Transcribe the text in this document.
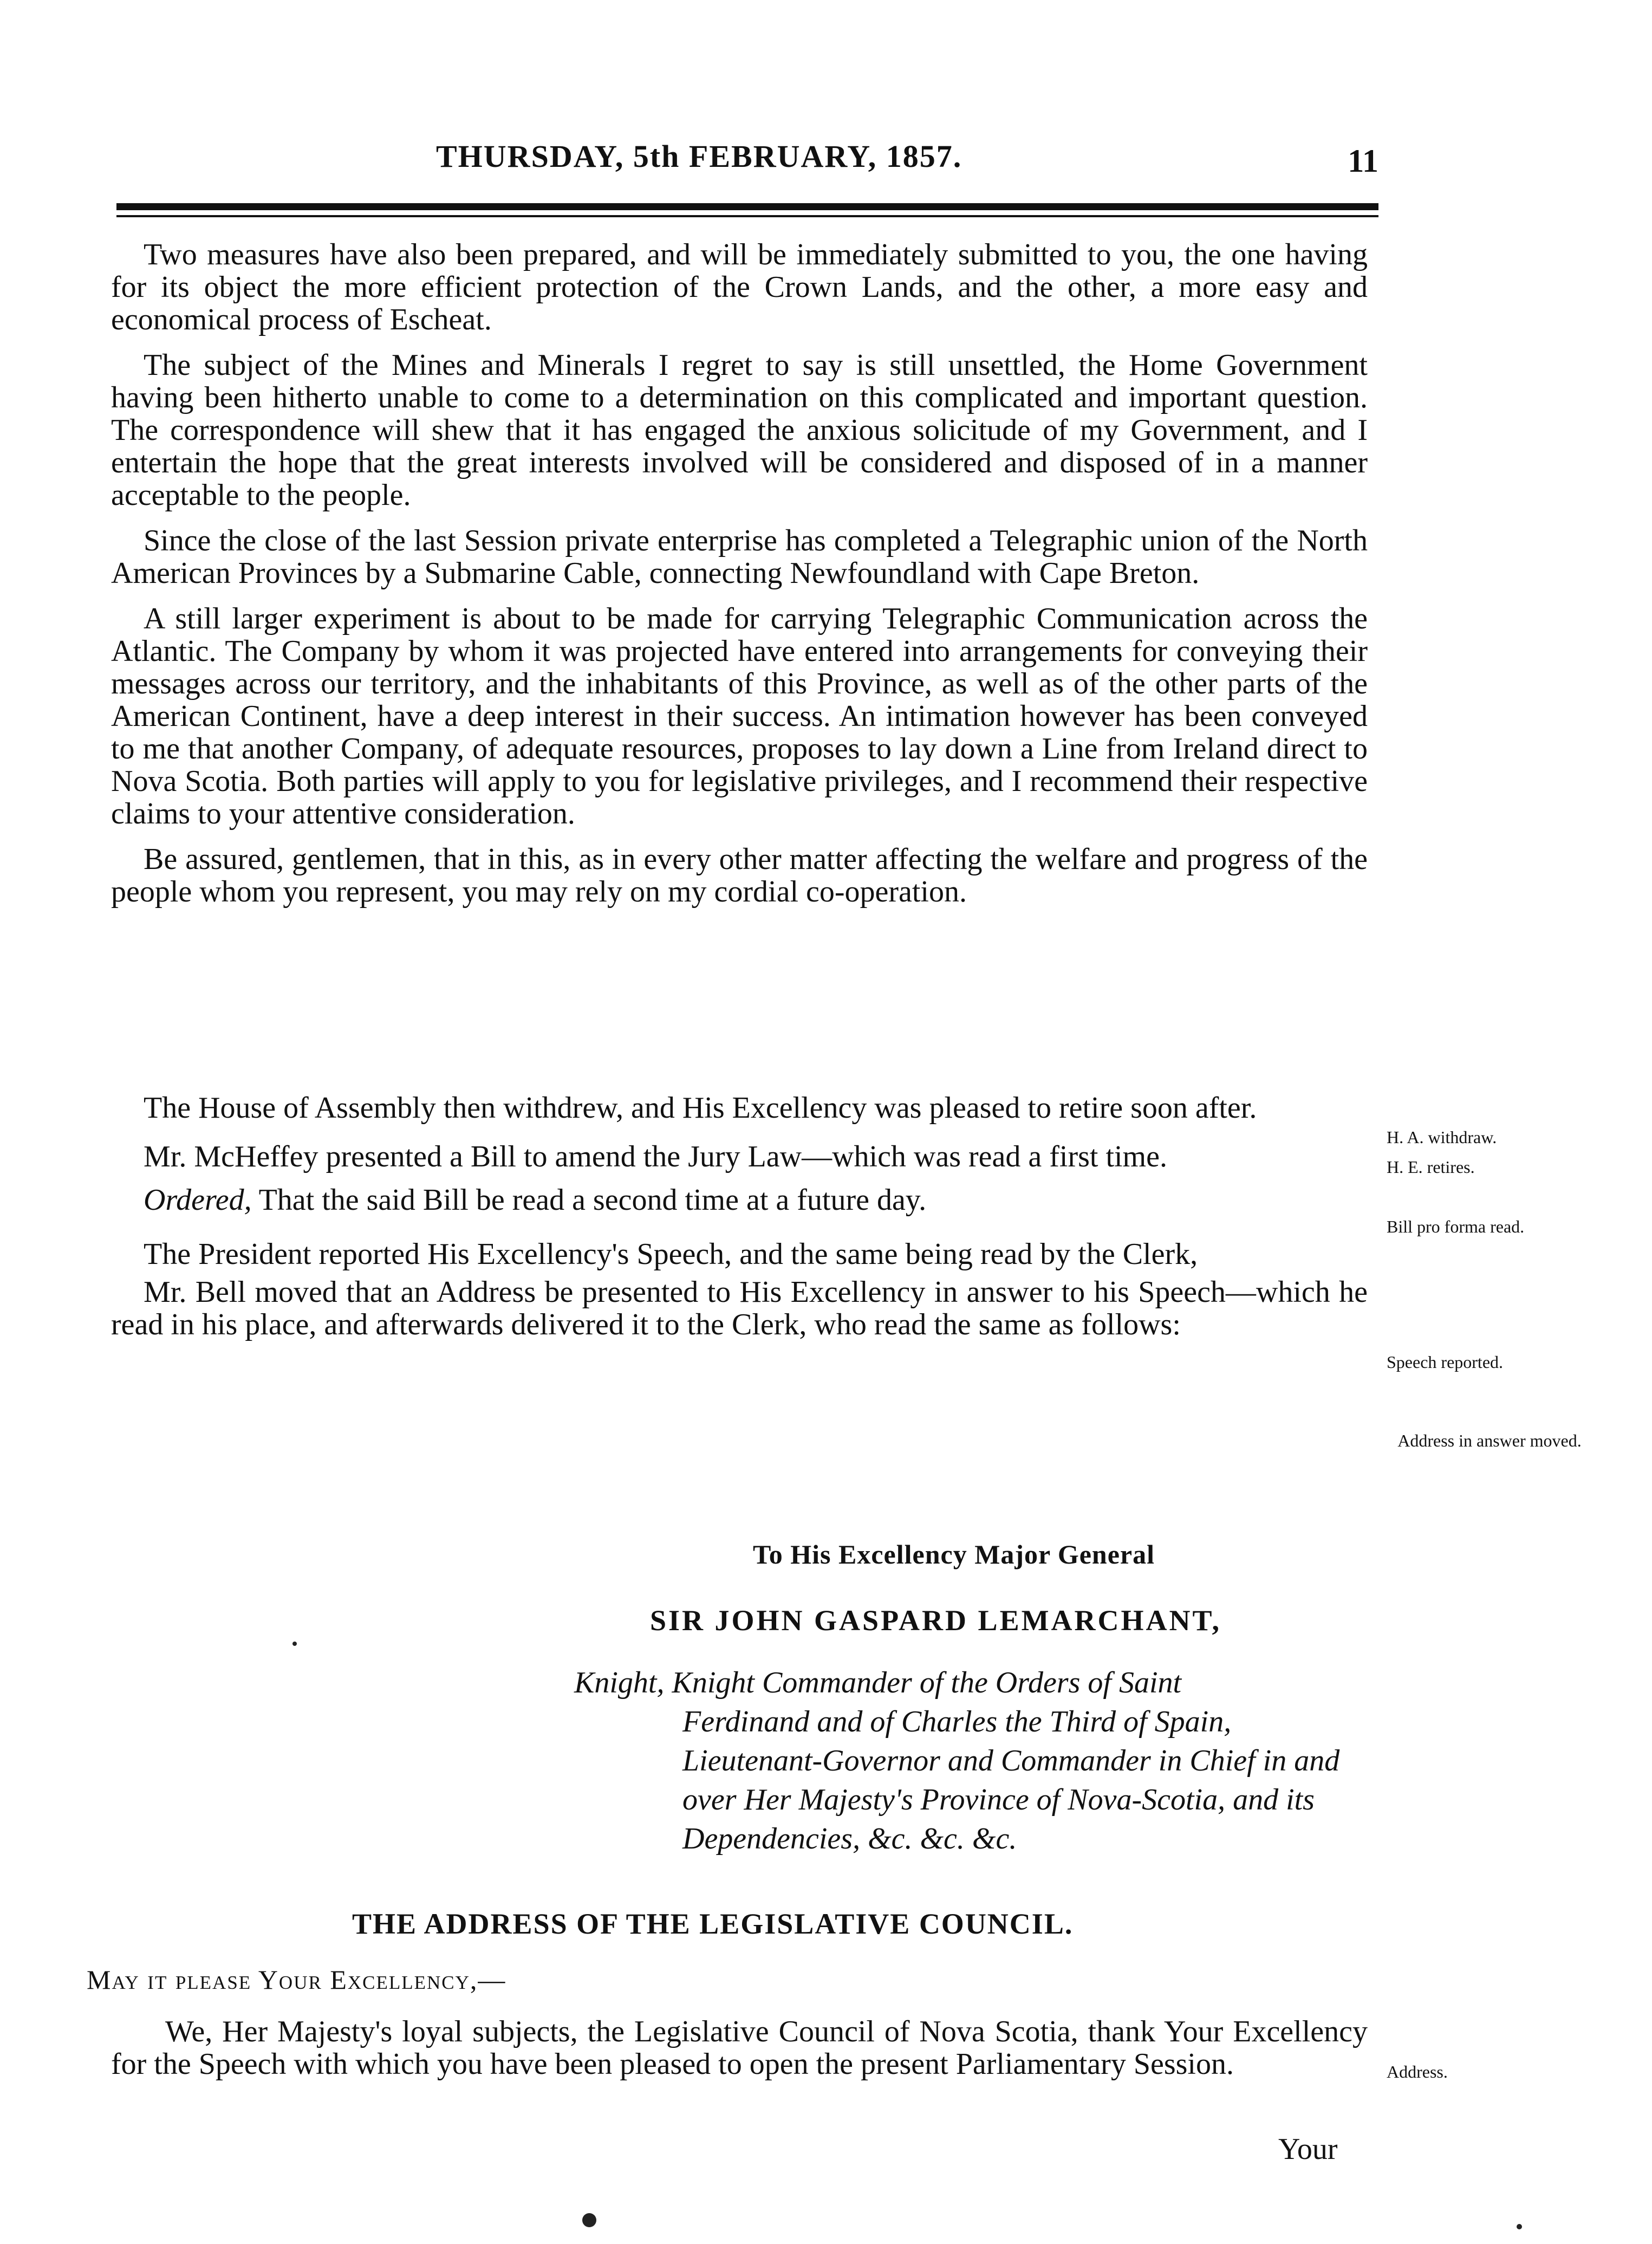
THURSDAY, 5th FEBRUARY, 1857.	11

Two measures have also been prepared, and will be immediately submitted to you, the one having for its object the more efficient protection of the Crown Lands, and the other, a more easy and economical process of Escheat.

The subject of the Mines and Minerals I regret to say is still unsettled, the Home Government having been hitherto unable to come to a determination on this complicated and important question. The correspondence will shew that it has engaged the anxious solicitude of my Government, and I entertain the hope that the great interests involved will be considered and disposed of in a manner acceptable to the people.

Since the close of the last Session private enterprise has completed a Telegraphic union of the North American Provinces by a Submarine Cable, connecting Newfoundland with Cape Breton.

A still larger experiment is about to be made for carrying Telegraphic Communication across the Atlantic. The Company by whom it was projected have entered into arrangements for conveying their messages across our territory, and the inhabitants of this Province, as well as of the other parts of the American Continent, have a deep interest in their success. An intimation however has been conveyed to me that another Company, of adequate resources, proposes to lay down a Line from Ireland direct to Nova Scotia. Both parties will apply to you for legislative privileges, and I recommend their respective claims to your attentive consideration.

Be assured, gentlemen, that in this, as in every other matter affecting the welfare and progress of the people whom you represent, you may rely on my cordial co-operation.

The House of Assembly then withdrew, and His Excellency was pleased to retire soon after.

Mr. McHeffey presented a Bill to amend the Jury Law—which was read a first time.

Ordered, That the said Bill be read a second time at a future day.

The President reported His Excellency's Speech, and the same being read by the Clerk,

Mr. Bell moved that an Address be presented to His Excellency in answer to his Speech—which he read in his place, and afterwards delivered it to the Clerk, who read the same as follows:

H. A. withdraw.
H. E. retires.
Bill pro forma read.
Speech reported.
Address in answer moved.
To His Excellency Major General
SIR JOHN GASPARD LEMARCHANT,
Knight, Knight Commander of the Orders of Saint
Ferdinand and of Charles the Third of Spain, Lieutenant-Governor and Commander in Chief in and over Her Majesty's Province of Nova-Scotia, and its Dependencies, &c. &c. &c.
THE ADDRESS OF THE LEGISLATIVE COUNCIL.
May it please Your Excellency,—
We, Her Majesty's loyal subjects, the Legislative Council of Nova Scotia, thank Your Excellency for the Speech with which you have been pleased to open the present Parliamentary Session.	Address.
Your
